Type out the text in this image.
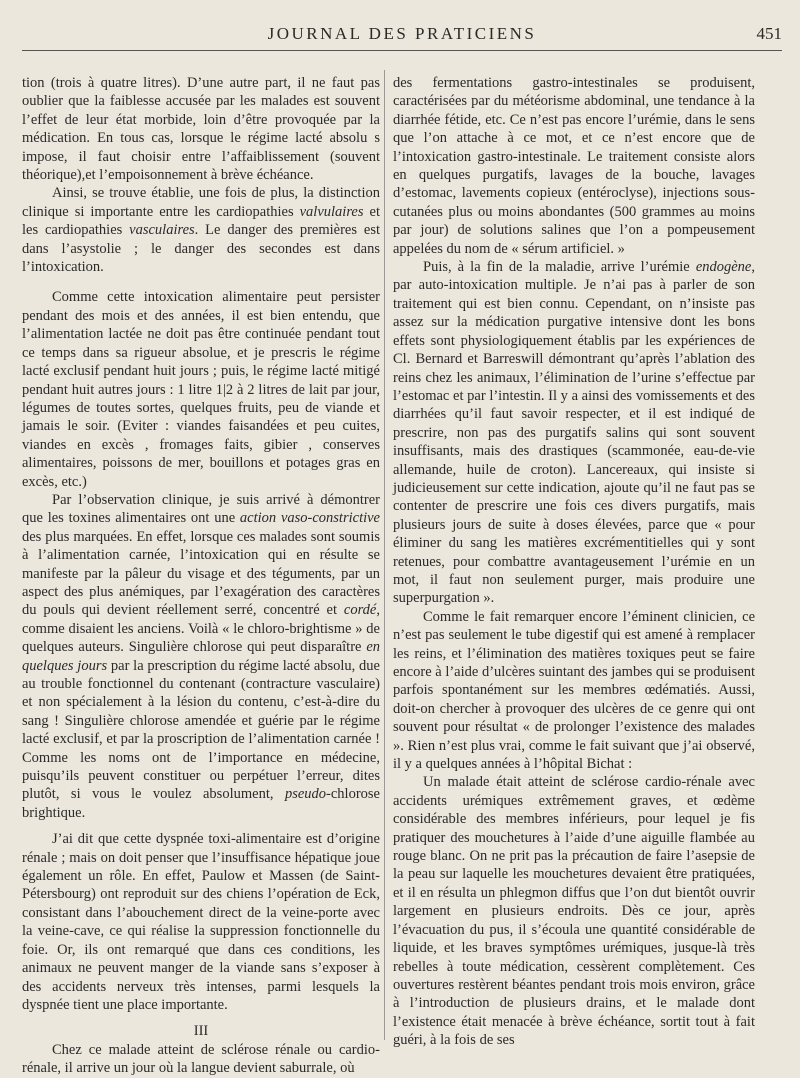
JOURNAL DES PRATICIENS	451

tion (trois à quatre litres). D’une autre part, il ne faut pas oublier que la faiblesse accusée par les malades est souvent l’effet de leur état morbide, loin d’être provoquée par la médication. En tous cas, lorsque le régime lacté absolu s impose, il faut choisir entre l’affaiblissement (souvent théorique),et l’empoisonnement à brève échéance.

Ainsi, se trouve établie, une fois de plus, la distinction clinique si importante entre les cardiopathies valvulaires et les cardiopathies vasculaires. Le danger des premières est dans l’asystolie ; le danger des secondes est dans l’intoxication.

Comme cette intoxication alimentaire peut persister pendant des mois et des années, il est bien entendu, que l’alimentation lactée ne doit pas être continuée pendant tout ce temps dans sa rigueur absolue, et je prescris le régime lacté exclusif pendant huit jours ; puis, le régime lacté mitigé pendant huit autres jours : 1 litre 1|2 à 2 litres de lait par jour, légumes de toutes sortes, quelques fruits, peu de viande et jamais le soir. (Eviter : viandes faisandées et peu cuites, viandes en excès , fromages faits, gibier , conserves alimentaires, poissons de mer, bouillons et potages gras en excès, etc.)

Par l’observation clinique, je suis arrivé à démontrer que les toxines alimentaires ont une action vaso-constrictive des plus marquées. En effet, lorsque ces malades sont soumis à l’alimentation carnée, l’intoxication qui en résulte se manifeste par la pâleur du visage et des téguments, par un aspect des plus anémiques, par l’exagération des caractères du pouls qui devient réellement serré, concentré et cordé, comme disaient les anciens. Voilà « le chloro-brightisme » de quelques auteurs. Singulière chlorose qui peut disparaître en quelques jours par la prescription du régime lacté absolu, due au trouble fonctionnel du contenant (contracture vasculaire) et non spécialement à la lésion du contenu, c’est-à-dire du sang ! Singulière chlorose amendée et guérie par le régime lacté exclusif, et par la proscription de l’alimentation carnée ! Comme les noms ont de l’importance en médecine, puisqu’ils peuvent constituer ou perpétuer l’erreur, dites plutôt, si vous le voulez absolument, pseudo-chlorose brightique.

J’ai dit que cette dyspnée toxi-alimentaire est d’origine rénale ; mais on doit penser que l’insuffisance hépatique joue également un rôle. En effet, Paulow et Massen (de Saint-Pétersbourg) ont reproduit sur des chiens l’opération de Eck, consistant dans l’abouchement direct de la veine-porte avec la veine-cave, ce qui réalise la suppression fonctionnelle du foie. Or, ils ont remarqué que dans ces conditions, les animaux ne peuvent manger de la viande sans s’exposer à des accidents nerveux très intenses, parmi lesquels la dyspnée tient une place importante.

III

Chez ce malade atteint de sclérose rénale ou cardio-rénale, il arrive un jour où la langue devient saburrale, où

des fermentations gastro-intestinales se produisent, caractérisées par du météorisme abdominal, une tendance à la diarrhée fétide, etc. Ce n’est pas encore l’urémie, dans le sens que l’on attache à ce mot, et ce n’est encore que de l’intoxication gastro-intestinale. Le traitement consiste alors en quelques purgatifs, lavages de la bouche, lavages d’estomac, lavements copieux (entéroclyse), injections sous-cutanées plus ou moins abondantes (500 grammes au moins par jour) de solutions salines que l’on a pompeusement appelées du nom de « sérum artificiel. »

Puis, à la fin de la maladie, arrive l’urémie endogène, par auto-intoxication multiple. Je n’ai pas à parler de son traitement qui est bien connu. Cependant, on n’insiste pas assez sur la médication purgative intensive dont les bons effets sont physiologiquement établis par les expériences de Cl. Bernard et Barreswill démontrant qu’après l’ablation des reins chez les animaux, l’élimination de l’urine s’effectue par l’estomac et par l’intestin. Il y a ainsi des vomissements et des diarrhées qu’il faut savoir respecter, et il est indiqué de prescrire, non pas des purgatifs salins qui sont souvent insuffisants, mais des drastiques (scammonée, eau-de-vie allemande, huile de croton). Lancereaux, qui insiste si judicieusement sur cette indication, ajoute qu’il ne faut pas se contenter de prescrire une fois ces divers purgatifs, mais plusieurs jours de suite à doses élevées, parce que « pour éliminer du sang les matières excrémentitielles qui y sont retenues, pour combattre avantageusement l’urémie en un mot, il faut non seulement purger, mais produire une superpurgation ».

Comme le fait remarquer encore l’éminent clinicien, ce n’est pas seulement le tube digestif qui est amené à remplacer les reins, et l’élimination des matières toxiques peut se faire encore à l’aide d’ulcères suintant des jambes qui se produisent parfois spontanément sur les membres œdématiés. Aussi, doit-on chercher à provoquer des ulcères de ce genre qui ont souvent pour résultat « de prolonger l’existence des malades ». Rien n’est plus vrai, comme le fait suivant que j’ai observé, il y a quelques années à l’hôpital Bichat :

Un malade était atteint de sclérose cardio-rénale avec accidents urémiques extrêmement graves, et œdème considérable des membres inférieurs, pour lequel je fis pratiquer des mouchetures à l’aide d’une aiguille flambée au rouge blanc. On ne prit pas la précaution de faire l’asepsie de la peau sur laquelle les mouchetures devaient être pratiquées, et il en résulta un phlegmon diffus que l’on dut bientôt ouvrir largement en plusieurs endroits. Dès ce jour, après l’évacuation du pus, il s’écoula une quantité considérable de liquide, et les braves symptômes urémiques, jusque-là très rebelles à toute médication, cessèrent complètement. Ces ouvertures restèrent béantes pendant trois mois environ, grâce à l’introduction de plusieurs drains, et le malade dont l’existence était menacée à brève échéance, sortit tout à fait guéri, à la fois de ses
